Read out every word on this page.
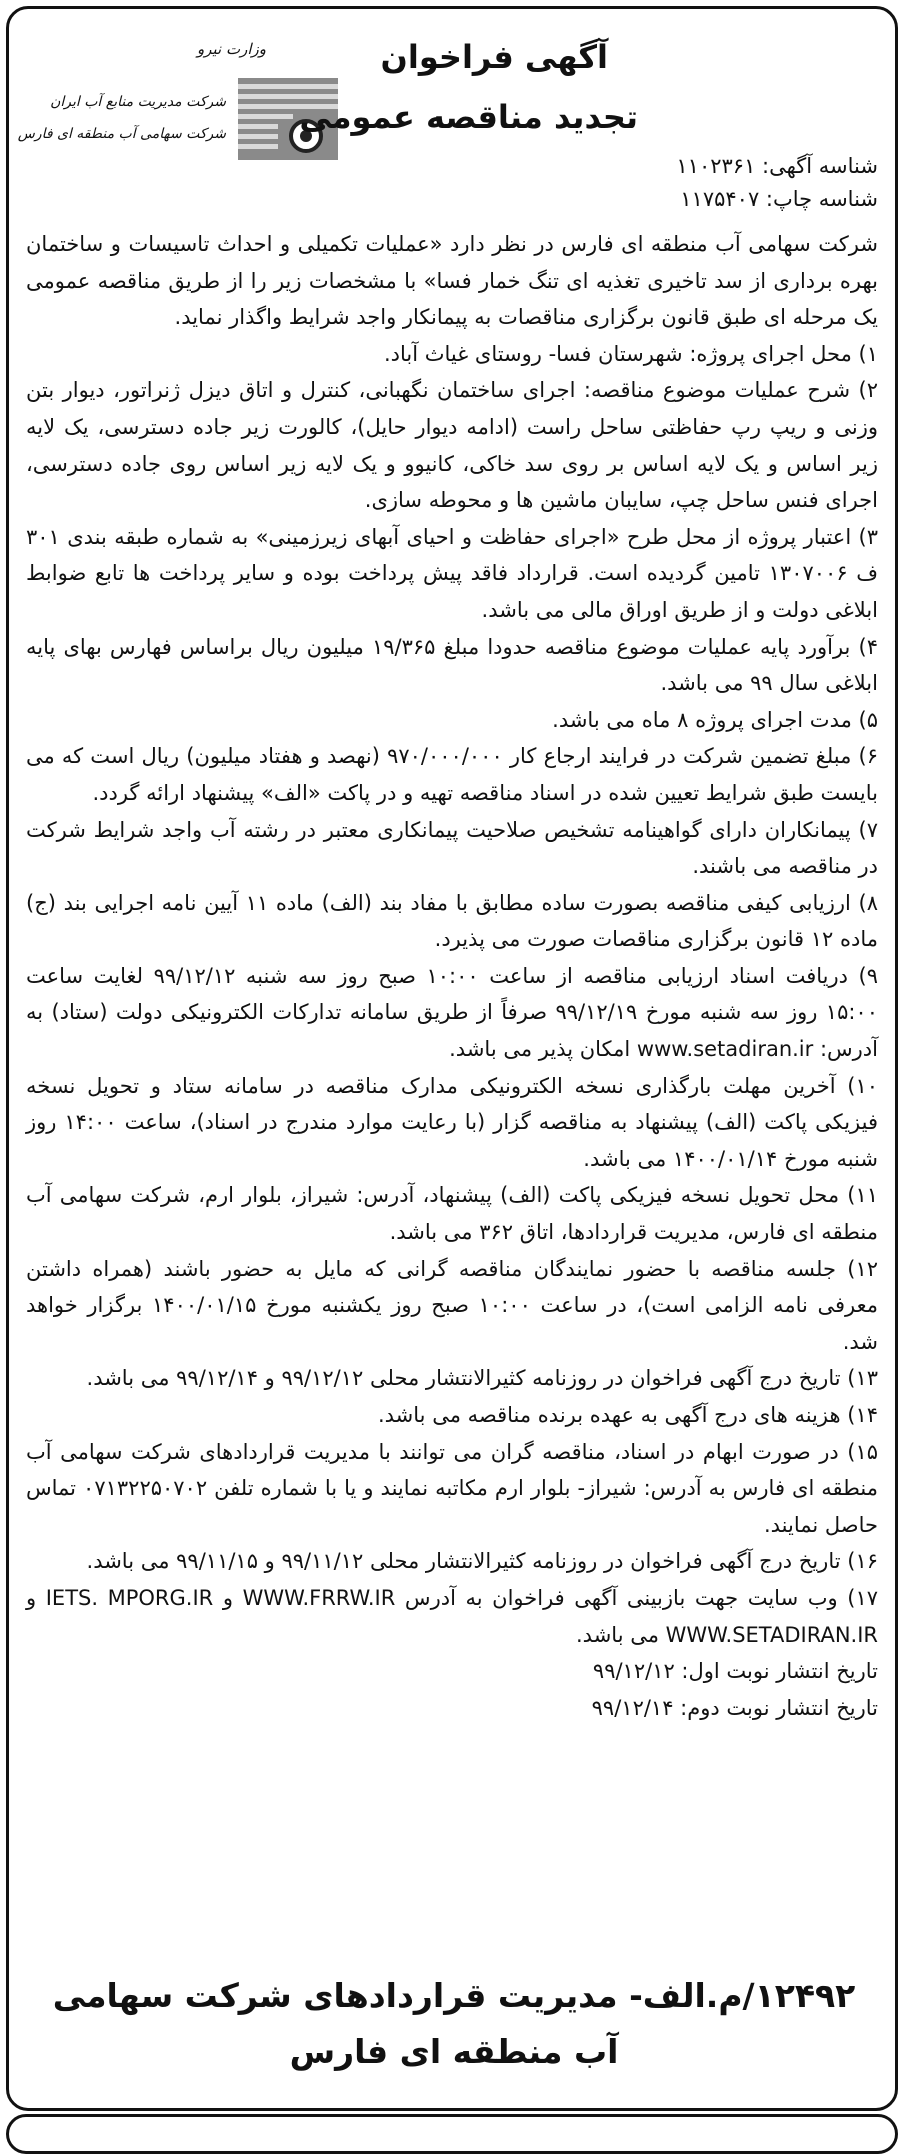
وزارت نیرو
شرکت مدیریت منابع آب ایران
شرکت سهامی آب منطقه ای فارس
آگهی فراخوان
تجدید مناقصه عمومی
شناسه آگهی: ۱۱۰۲۳۶۱
شناسه چاپ: ۱۱۷۵۴۰۷

شرکت سهامی آب منطقه ای فارس در نظر دارد «عملیات تکمیلی و احداث تاسیسات و ساختمان بهره برداری از سد تاخیری تغذیه ای تنگ خمار فسا» با مشخصات زیر را از طریق مناقصه عمومی یک مرحله ای طبق قانون برگزاری مناقصات به پیمانکار واجد شرایط واگذار نماید.

۱) محل اجرای پروژه: شهرستان فسا- روستای غیاث آباد.

۲) شرح عملیات موضوع مناقصه: اجرای ساختمان نگهبانی، کنترل و اتاق دیزل ژنراتور، دیوار بتن وزنی و ریپ رپ حفاظتی ساحل راست (ادامه دیوار حایل)، کالورت زیر جاده دسترسی، یک لایه زیر اساس و یک لایه اساس بر روی سد خاکی، کانیوو و یک لایه زیر اساس روی جاده دسترسی، اجرای فنس ساحل چپ، سایبان ماشین ها و محوطه سازی.

۳) اعتبار پروژه از محل طرح «اجرای حفاظت و احیای آبهای زیرزمینی» به شماره طبقه بندی ۳۰۱ ف ۱۳۰۷۰۰۶ تامین گردیده است. قرارداد فاقد پیش پرداخت بوده و سایر پرداخت ها تابع ضوابط ابلاغی دولت و از طریق اوراق مالی می باشد.

۴) برآورد پایه عملیات موضوع مناقصه حدودا مبلغ ۱۹/۳۶۵ میلیون ریال براساس فهارس بهای پایه ابلاغی سال ۹۹ می باشد.

۵) مدت اجرای پروژه ۸ ماه می باشد.

۶) مبلغ تضمین شرکت در فرایند ارجاع کار ۹۷۰/۰۰۰/۰۰۰ (نهصد و هفتاد میلیون) ریال است که می بایست طبق شرایط تعیین شده در اسناد مناقصه تهیه و در پاکت «الف» پیشنهاد ارائه گردد.

۷) پیمانکاران دارای گواهینامه تشخیص صلاحیت پیمانکاری معتبر در رشته آب واجد شرایط شرکت در مناقصه می باشند.

۸) ارزیابی کیفی مناقصه بصورت ساده مطابق با مفاد بند (الف) ماده ۱۱ آیین نامه اجرایی بند (ج) ماده ۱۲ قانون برگزاری مناقصات صورت می پذیرد.

۹) دریافت اسناد ارزیابی مناقصه از ساعت ۱۰:۰۰ صبح روز سه شنبه ۹۹/۱۲/۱۲ لغایت ساعت ۱۵:۰۰ روز سه شنبه مورخ ۹۹/۱۲/۱۹ صرفاً از طریق سامانه تدارکات الکترونیکی دولت (ستاد) به آدرس: www.setadiran.ir امکان پذیر می باشد.

۱۰) آخرین مهلت بارگذاری نسخه الکترونیکی مدارک مناقصه در سامانه ستاد و تحویل نسخه فیزیکی پاکت (الف) پیشنهاد به مناقصه گزار (با رعایت موارد مندرج در اسناد)، ساعت ۱۴:۰۰ روز شنبه مورخ ۱۴۰۰/۰۱/۱۴ می باشد.

۱۱) محل تحویل نسخه فیزیکی پاکت (الف) پیشنهاد، آدرس: شیراز، بلوار ارم، شرکت سهامی آب منطقه ای فارس، مدیریت قراردادها، اتاق ۳۶۲ می باشد.

۱۲) جلسه مناقصه با حضور نمایندگان مناقصه گرانی که مایل به حضور باشند (همراه داشتن معرفی نامه الزامی است)، در ساعت ۱۰:۰۰ صبح روز یکشنبه مورخ ۱۴۰۰/۰۱/۱۵ برگزار خواهد شد.

۱۳) تاریخ درج آگهی فراخوان در روزنامه کثیرالانتشار محلی ۹۹/۱۲/۱۲ و ۹۹/۱۲/۱۴ می باشد.

۱۴) هزینه های درج آگهی به عهده برنده مناقصه می باشد.

۱۵) در صورت ابهام در اسناد، مناقصه گران می توانند با مدیریت قراردادهای شرکت سهامی آب منطقه ای فارس به آدرس: شیراز- بلوار ارم مکاتبه نمایند و یا با شماره تلفن ۰۷۱۳۲۲۵۰۷۰۲ تماس حاصل نمایند.

۱۶) تاریخ درج آگهی فراخوان در روزنامه کثیرالانتشار محلی ۹۹/۱۱/۱۲ و ۹۹/۱۱/۱۵ می باشد.

۱۷) وب سایت جهت بازبینی آگهی فراخوان به آدرس WWW.FRRW.IR و IETS. MPORG.IR و WWW.SETADIRAN.IR می باشد.

تاریخ انتشار نوبت اول: ۹۹/۱۲/۱۲

تاریخ انتشار نوبت دوم: ۹۹/۱۲/۱۴

۱۲۴۹۲/م.الف- مدیریت قراردادهای شرکت سهامی
آب منطقه ای فارس
